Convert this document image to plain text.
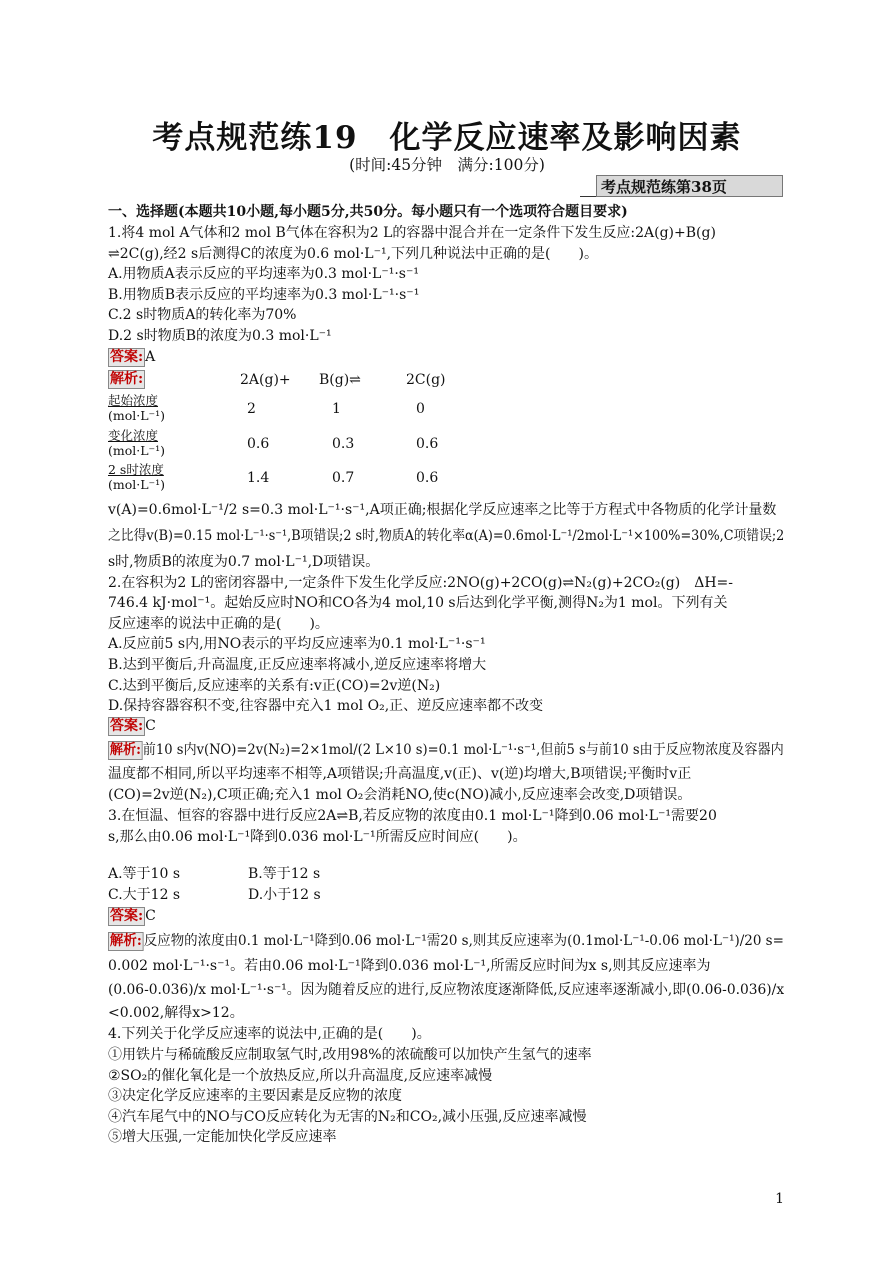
考点规范练19　化学反应速率及影响因素
(时间:45分钟　满分:100分)
考点规范练第38页
一、选择题(本题共10小题,每小题5分,共50分。每小题只有一个选项符合题目要求)
1.将4 mol A气体和2 mol B气体在容积为2 L的容器中混合并在一定条件下发生反应:2A(g)+B(g)
⇌2C(g),经2 s后测得C的浓度为0.6 mol·L⁻¹,下列几种说法中正确的是(　　)。
A.用物质A表示反应的平均速率为0.3 mol·L⁻¹·s⁻¹
B.用物质B表示反应的平均速率为0.3 mol·L⁻¹·s⁻¹
C.2 s时物质A的转化率为70%
D.2 s时物质B的浓度为0.3 mol·L⁻¹
答案: A
解析:	2A(g)+ B(g)⇌	2C(g)
起始浓度
(mol·L⁻¹)	2	1	0
变化浓度
(mol·L⁻¹)	0.6	0.3	0.6
2 s时浓度
(mol·L⁻¹)	1.4	0.7	0.6
v(A)=0.6mol·L⁻¹/2 s=0.3 mol·L⁻¹·s⁻¹,A项正确;根据化学反应速率之比等于方程式中各物质的化学计量数
之比得v(B)=0.15 mol·L⁻¹·s⁻¹,B项错误;2 s时,物质A的转化率α(A)=0.6mol·L⁻¹/2mol·L⁻¹×100%=30%,C项错误;2
s时,物质B的浓度为0.7 mol·L⁻¹,D项错误。
2.在容积为2 L的密闭容器中,一定条件下发生化学反应:2NO(g)+2CO(g)⇌N₂(g)+2CO₂(g)　ΔH=-
746.4 kJ·mol⁻¹。起始反应时NO和CO各为4 mol,10 s后达到化学平衡,测得N₂为1 mol。下列有关
反应速率的说法中正确的是(　　)。
A.反应前5 s内,用NO表示的平均反应速率为0.1 mol·L⁻¹·s⁻¹
B.达到平衡后,升高温度,正反应速率将减小,逆反应速率将增大
C.达到平衡后,反应速率的关系有:v正(CO)=2v逆(N₂)
D.保持容器容积不变,往容器中充入1 mol O₂,正、逆反应速率都不改变
答案: C
解析: 前10 s内v(NO)=2v(N₂)=2×1mol/(2 L×10 s)=0.1 mol·L⁻¹·s⁻¹,但前5 s与前10 s由于反应物浓度及容器内
温度都不相同,所以平均速率不相等,A项错误;升高温度,v(正)、v(逆)均增大,B项错误;平衡时v正
(CO)=2v逆(N₂),C项正确;充入1 mol O₂会消耗NO,使c(NO)减小,反应速率会改变,D项错误。
3.在恒温、恒容的容器中进行反应2A⇌B,若反应物的浓度由0.1 mol·L⁻¹降到0.06 mol·L⁻¹需要20
s,那么由0.06 mol·L⁻¹降到0.036 mol·L⁻¹所需反应时间应(　　)。
A.等于10 s	B.等于12 s
C.大于12 s	D.小于12 s
答案: C
解析: 反应物的浓度由0.1 mol·L⁻¹降到0.06 mol·L⁻¹需20 s,则其反应速率为(0.1mol·L⁻¹-0.06 mol·L⁻¹)/20 s=
0.002 mol·L⁻¹·s⁻¹。若由0.06 mol·L⁻¹降到0.036 mol·L⁻¹,所需反应时间为x s,则其反应速率为
(0.06-0.036)/x mol·L⁻¹·s⁻¹。因为随着反应的进行,反应物浓度逐渐降低,反应速率逐渐减小,即(0.06-0.036)/x
<0.002,解得x>12。
4.下列关于化学反应速率的说法中,正确的是(　　)。
①用铁片与稀硫酸反应制取氢气时,改用98%的浓硫酸可以加快产生氢气的速率
②SO₂的催化氧化是一个放热反应,所以升高温度,反应速率减慢
③决定化学反应速率的主要因素是反应物的浓度
④汽车尾气中的NO与CO反应转化为无害的N₂和CO₂,减小压强,反应速率减慢
⑤增大压强,一定能加快化学反应速率
1
